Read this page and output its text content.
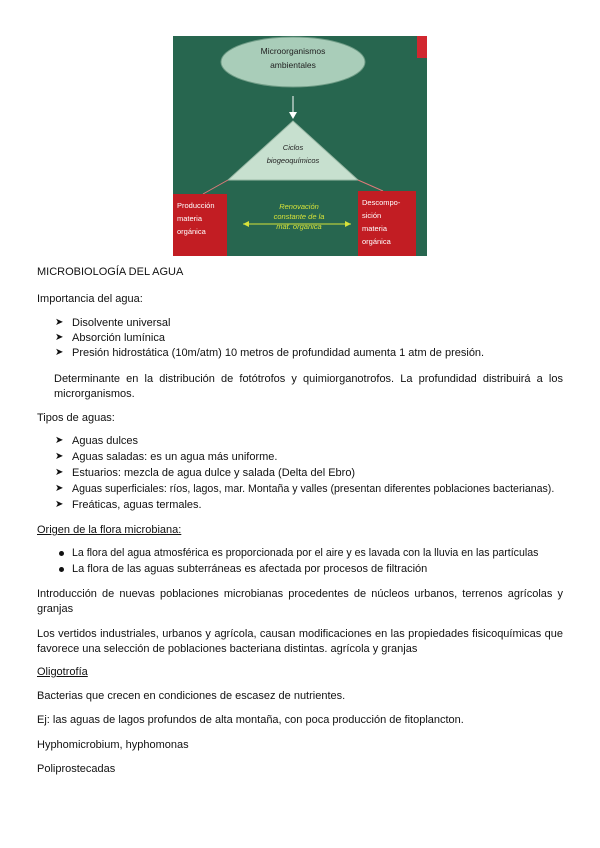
Microorganismos
ambientales
Ciclos
biogeoquímicos
Producción
materia
orgánica
Descompo-
sición
materia
orgánica
Renovación
constante de la
mat. orgánica
MICROBIOLOGÍA DEL AGUA
Importancia del agua:
➤ Disolvente universal
➤ Absorción lumínica
➤ Presión hidrostática (10m/atm) 10 metros de profundidad aumenta 1 atm de presión.
Determinante en la distribución de fotótrofos y quimiorganotrofos. La profundidad distribuirá a los microrganismos.
Tipos de aguas:
➤ Aguas dulces
➤ Aguas saladas: es un agua más uniforme.
➤ Estuarios: mezcla de agua dulce y salada (Delta del Ebro)
➤ Aguas superficiales: ríos, lagos, mar. Montaña y valles (presentan diferentes poblaciones bacterianas).
➤ Freáticas, aguas termales.
Origen de la flora microbiana:
La flora del agua atmosférica es proporcionada por el aire y es lavada con la lluvia en las partículas
La flora de las aguas subterráneas es afectada por procesos de filtración
Introducción de nuevas poblaciones microbianas procedentes de núcleos urbanos, terrenos agrícolas y granjas
Los vertidos industriales, urbanos y agrícola, causan modificaciones en las propiedades fisicoquímicas que favorece una selección de poblaciones bacteriana distintas. agrícola y granjas
Oligotrofía
Bacterias que crecen en condiciones de escasez de nutrientes.
Ej: las aguas de lagos profundos de alta montaña, con poca producción de fitoplancton.
Hyphomicrobium, hyphomonas
Poliprostecadas
